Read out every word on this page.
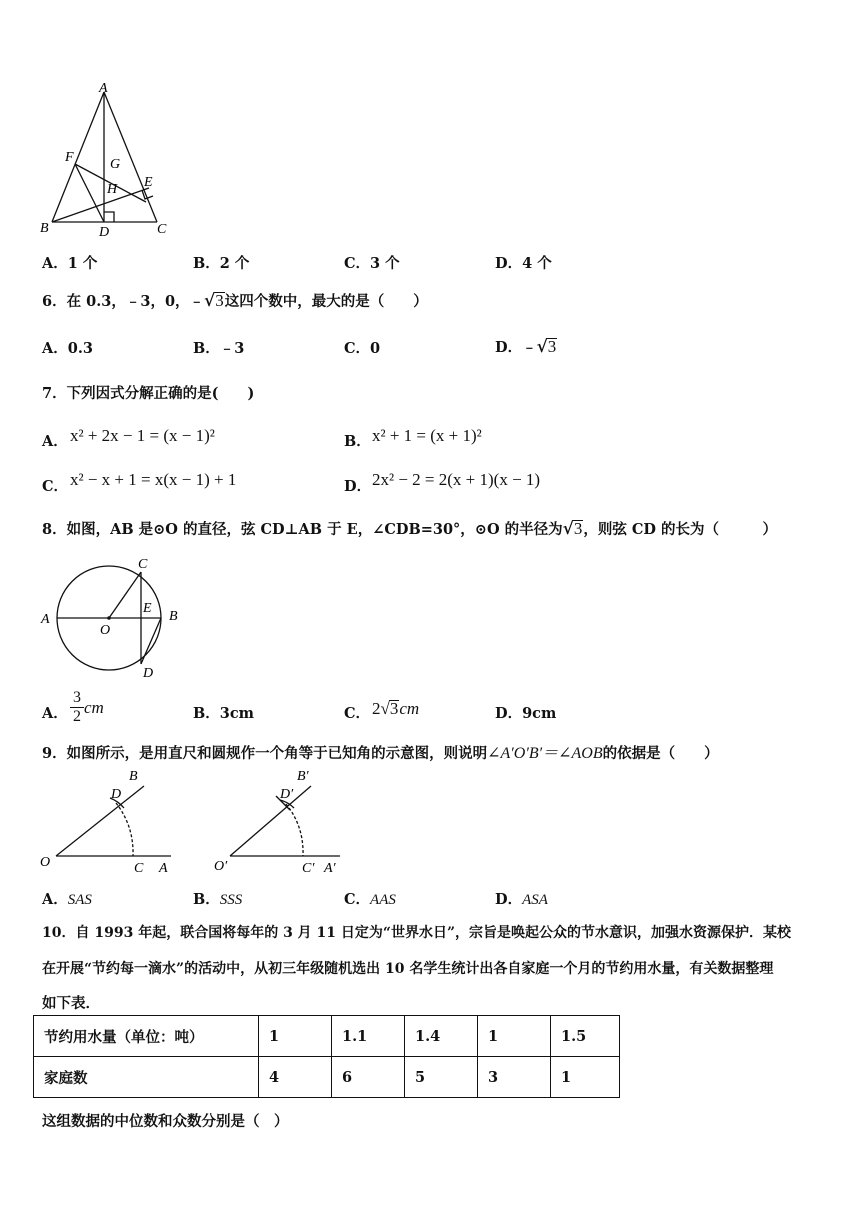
A
F	G
H E
B	D	C
A．1 个	B．2 个	C．3 个	D．4 个
6．在 0.3，﹣3，0，﹣√3这四个数中，最大的是（　　）
A．0.3	B．﹣3	C．0	D．﹣√3
7．下列因式分解正确的是(　　)
A． x² + 2x − 1 = (x − 1)²	B． x² + 1 = (x + 1)²
C． x² − x + 1 = x(x − 1) + 1	D． 2x² − 2 = 2(x + 1)(x − 1)
8．如图，AB 是⊙O 的直径，弦 CD⊥AB 于 E，∠CDB=30°，⊙O 的半径为√3，则弦 CD 的长为（　　　）
C
A
E
B
O
D
A． $\frac{3}{2}$ cm	B．3cm	C． 2√3cm	D．9cm
9．如图所示，是用直尺和圆规作一个角等于已知角的示意图，则说明∠A′O′B′＝∠AOB的依据是（　　）
B
D
O	C A
B′
D′
O′	C′ A′
A．SAS	B．SSS	C．AAS	D．ASA
10．自 1993 年起，联合国将每年的 3 月 11 日定为“世界水日”，宗旨是唤起公众的节水意识，加强水资源保护．某校
在开展“节约每一滴水”的活动中，从初三年级随机选出 10 名学生统计出各自家庭一个月的节约用水量，有关数据整理
如下表．
节约用水量（单位：吨）	1	1.1	1.4	1	1.5
家庭数	4	6	5	3	1
这组数据的中位数和众数分别是（　）
